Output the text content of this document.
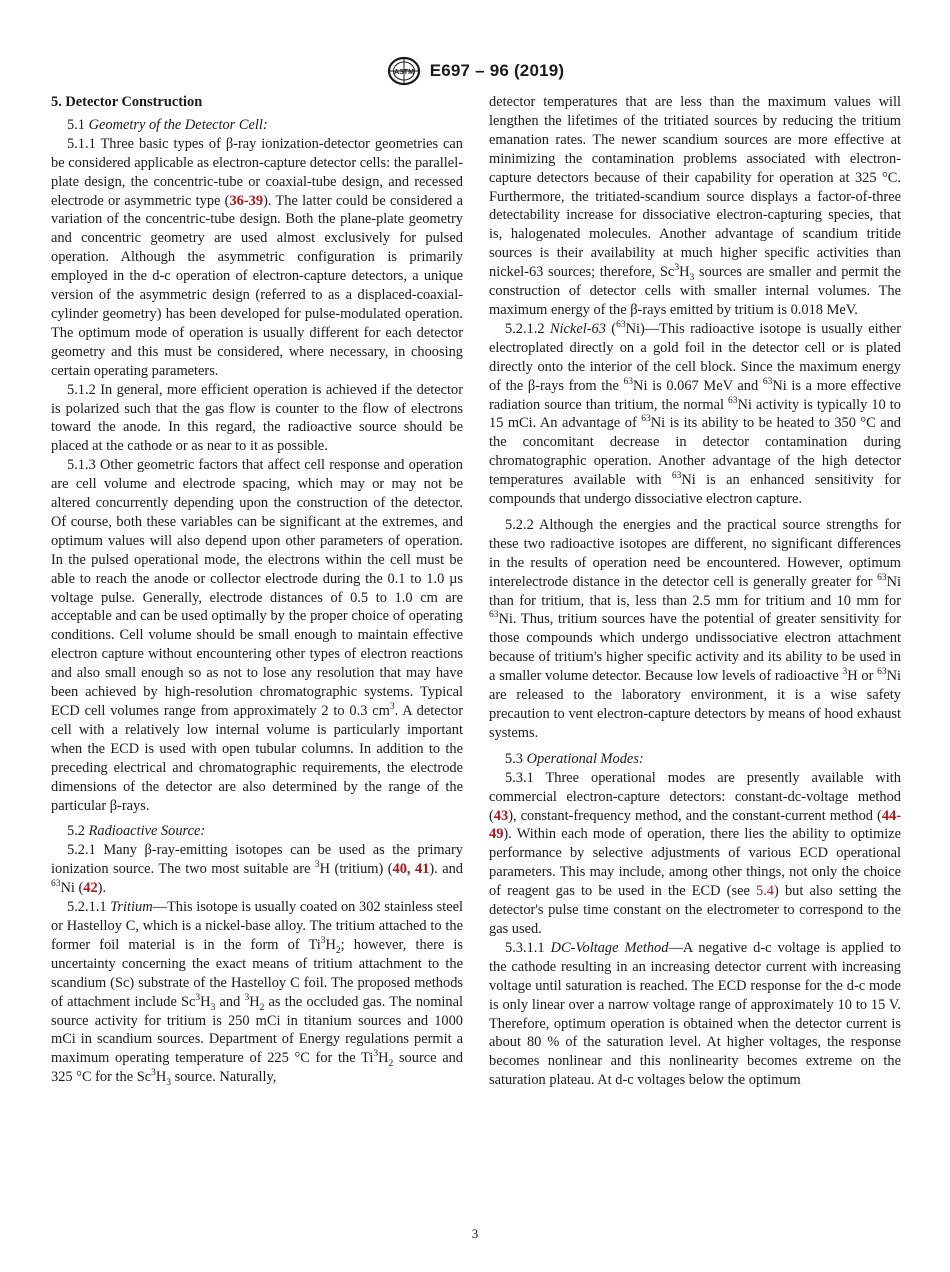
ASTM E697 – 96 (2019)
5. Detector Construction

5.1 Geometry of the Detector Cell:

5.1.1 Three basic types of β-ray ionization-detector geometries can be considered applicable as electron-capture detector cells: the parallel-plate design, the concentric-tube or coaxial-tube design, and recessed electrode or asymmetric type (36-39). The latter could be considered a variation of the concentric-tube design. Both the plane-plate geometry and concentric geometry are used almost exclusively for pulsed operation. Although the asymmetric configuration is primarily employed in the d-c operation of electron-capture detectors, a unique version of the asymmetric design (referred to as a displaced-coaxial-cylinder geometry) has been developed for pulse-modulated operation. The optimum mode of operation is usually different for each detector geometry and this must be considered, where necessary, in choosing certain operating parameters.

5.1.2 In general, more efficient operation is achieved if the detector is polarized such that the gas flow is counter to the flow of electrons toward the anode. In this regard, the radioactive source should be placed at the cathode or as near to it as possible.

5.1.3 Other geometric factors that affect cell response and operation are cell volume and electrode spacing, which may or may not be altered concurrently depending upon the construction of the detector. Of course, both these variables can be significant at the extremes, and optimum values will also depend upon other parameters of operation. In the pulsed operational mode, the electrons within the cell must be able to reach the anode or collector electrode during the 0.1 to 1.0 µs voltage pulse. Generally, electrode distances of 0.5 to 1.0 cm are acceptable and can be used optimally by the proper choice of operating conditions. Cell volume should be small enough to maintain effective electron capture without encountering other types of electron reactions and also small enough so as not to lose any resolution that may have been achieved by high-resolution chromatographic systems. Typical ECD cell volumes range from approximately 2 to 0.3 $cm^3$. A detector cell with a relatively low internal volume is particularly important when the ECD is used with open tubular columns. In addition to the preceding electrical and chromatographic requirements, the electrode dimensions of the detector are also determined by the range of the particular β-rays.

5.2 Radioactive Source:

5.2.1 Many β-ray-emitting isotopes can be used as the primary ionization source. The two most suitable are $^3$H (tritium) (40, 41). and $^{63}$Ni (42).

5.2.1.1 Tritium—This isotope is usually coated on 302 stainless steel or Hastelloy C, which is a nickel-base alloy. The tritium attached to the former foil material is in the form of $Ti^3H_2$; however, there is uncertainty concerning the exact means of tritium attachment to the scandium (Sc) substrate of the Hastelloy C foil. The proposed methods of attachment include $Sc^3H_3$ and $^3H_2$ as the occluded gas. The nominal source activity for tritium is 250 mCi in titanium sources and 1000 mCi in scandium sources. Department of Energy regulations permit a maximum operating temperature of 225 °C for the $Ti^3H_2$ source and 325 °C for the $Sc^3H_3$ source. Naturally,

detector temperatures that are less than the maximum values will lengthen the lifetimes of the tritiated sources by reducing the tritium emanation rates. The newer scandium sources are more effective at minimizing the contamination problems associated with electron-capture detectors because of their capability for operation at 325 °C. Furthermore, the tritiated-scandium source displays a factor-of-three detectability increase for dissociative electron-capturing species, that is, halogenated molecules. Another advantage of scandium tritide sources is their availability at much higher specific activities than nickel-63 sources; therefore, $Sc^3H_3$ sources are smaller and permit the construction of detector cells with smaller internal volumes. The maximum energy of the β-rays emitted by tritium is 0.018 MeV.

5.2.1.2 Nickel-63 ($^{63}$Ni)—This radioactive isotope is usually either electroplated directly on a gold foil in the detector cell or is plated directly onto the interior of the cell block. Since the maximum energy of the β-rays from the $^{63}$Ni is 0.067 MeV and $^{63}$Ni is a more effective radiation source than tritium, the normal $^{63}$Ni activity is typically 10 to 15 mCi. An advantage of $^{63}$Ni is its ability to be heated to 350 °C and the concomitant decrease in detector contamination during chromatographic operation. Another advantage of the high detector temperatures available with $^{63}$Ni is an enhanced sensitivity for compounds that undergo dissociative electron capture.

5.2.2 Although the energies and the practical source strengths for these two radioactive isotopes are different, no significant differences in the results of operation need be encountered. However, optimum interelectrode distance in the detector cell is generally greater for $^{63}$Ni than for tritium, that is, less than 2.5 mm for tritium and 10 mm for $^{63}$Ni. Thus, tritium sources have the potential of greater sensitivity for those compounds which undergo undissociative electron attachment because of tritium's higher specific activity and its ability to be used in a smaller volume detector. Because low levels of radioactive $^3$H or $^{63}$Ni are released to the laboratory environment, it is a wise safety precaution to vent electron-capture detectors by means of hood exhaust systems.

5.3 Operational Modes:

5.3.1 Three operational modes are presently available with commercial electron-capture detectors: constant-dc-voltage method (43), constant-frequency method, and the constant-current method (44-49). Within each mode of operation, there lies the ability to optimize performance by selective adjustments of various ECD operational parameters. This may include, among other things, not only the choice of reagent gas to be used in the ECD (see 5.4) but also setting the detector's pulse time constant on the electrometer to correspond to the gas used.

5.3.1.1 DC-Voltage Method—A negative d-c voltage is applied to the cathode resulting in an increasing detector current with increasing voltage until saturation is reached. The ECD response for the d-c mode is only linear over a narrow voltage range of approximately 10 to 15 V. Therefore, optimum operation is obtained when the detector current is about 80 % of the saturation level. At higher voltages, the response becomes nonlinear and this nonlinearity becomes extreme on the saturation plateau. At d-c voltages below the optimum

3
